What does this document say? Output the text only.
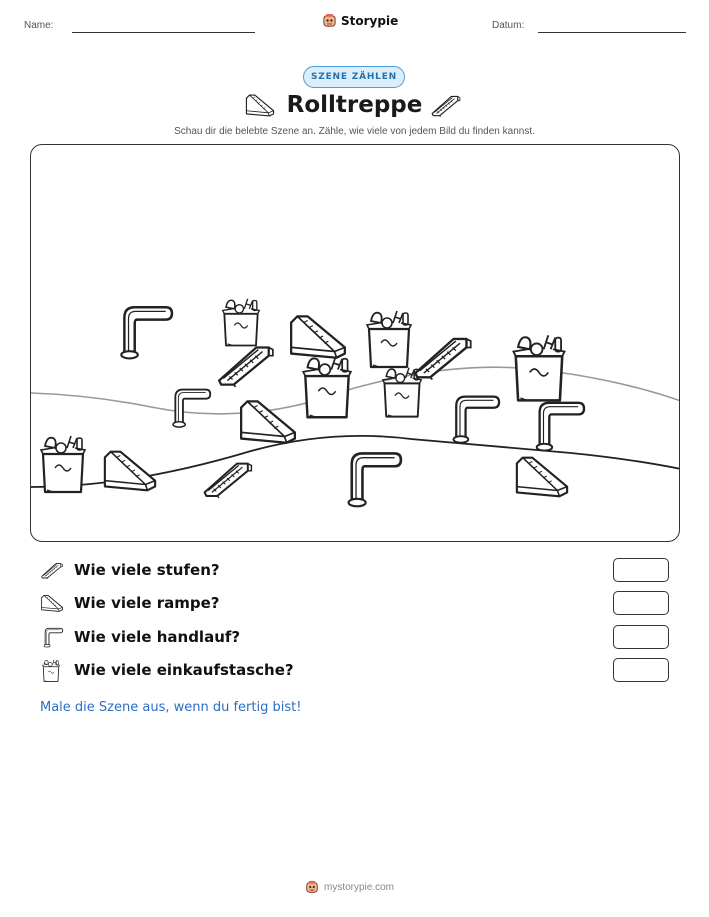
Name:	Storypie	Datum:
SZENE ZÄHLEN
Rolltreppe
Schau dir die belebte Szene an. Zähle, wie viele von jedem Bild du finden kannst.
Wie viele stufen?
Wie viele rampe?
Wie viele handlauf?
Wie viele einkaufstasche?
Male die Szene aus, wenn du fertig bist!
mystorypie.com
